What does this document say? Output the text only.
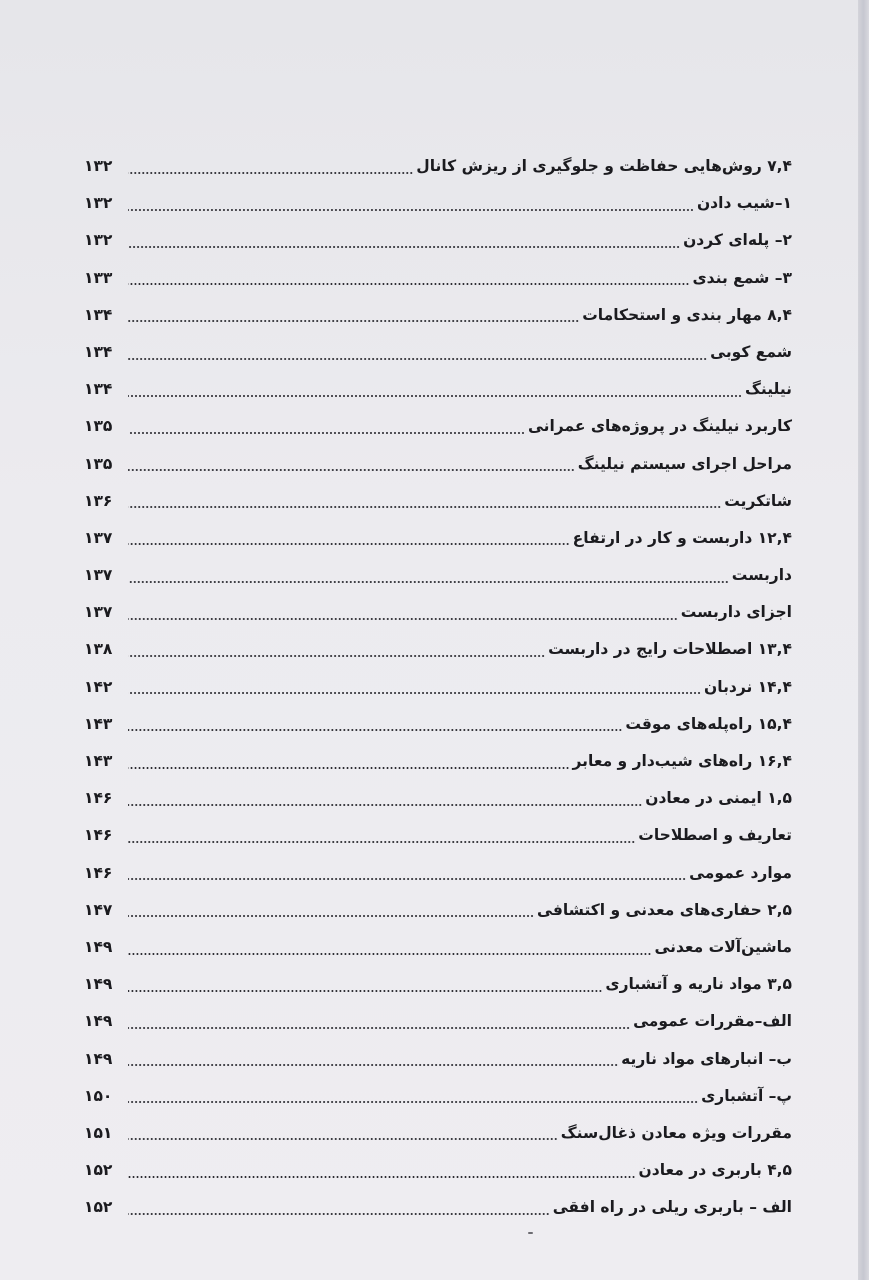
۷,۴ روش‌هایی حفاظت و جلوگیری از ریزش کانال
۱۳۲
۱–شیب دادن
۱۳۲
۲– پله‌ای کردن
۱۳۲
۳– شمع بندی
۱۳۳
۸,۴ مهار بندی و استحکامات
۱۳۴
شمع کوبی
۱۳۴
نیلینگ
۱۳۴
کاربرد نیلینگ در پروژه‌های عمرانی
۱۳۵
مراحل اجرای سیستم نیلینگ
۱۳۵
شاتکریت
۱۳۶
۱۲,۴ داربست و کار در ارتفاع
۱۳۷
داربست
۱۳۷
اجزای داربست
۱۳۷
۱۳,۴ اصطلاحات رایج در داربست
۱۳۸
۱۴,۴ نردبان
۱۴۲
۱۵,۴ راه‌پله‌های موقت
۱۴۳
۱۶,۴ راه‌های شیب‌دار و معابر
۱۴۳
۱,۵ ایمنی در معادن
۱۴۶
تعاریف و اصطلاحات
۱۴۶
موارد عمومی
۱۴۶
۲,۵ حفاری‌های معدنی و اکتشافی
۱۴۷
ماشین‌آلات معدنی
۱۴۹
۳,۵ مواد ناریه و آتشباری
۱۴۹
الف–مقررات عمومی
۱۴۹
ب– انبارهای مواد ناریه
۱۴۹
پ– آتشباری
۱۵۰
مقررات ویژه معادن ذغال‌سنگ
۱۵۱
۴,۵ باربری در معادن
۱۵۲
الف – باربری ریلی در راه افقی
۱۵۲
